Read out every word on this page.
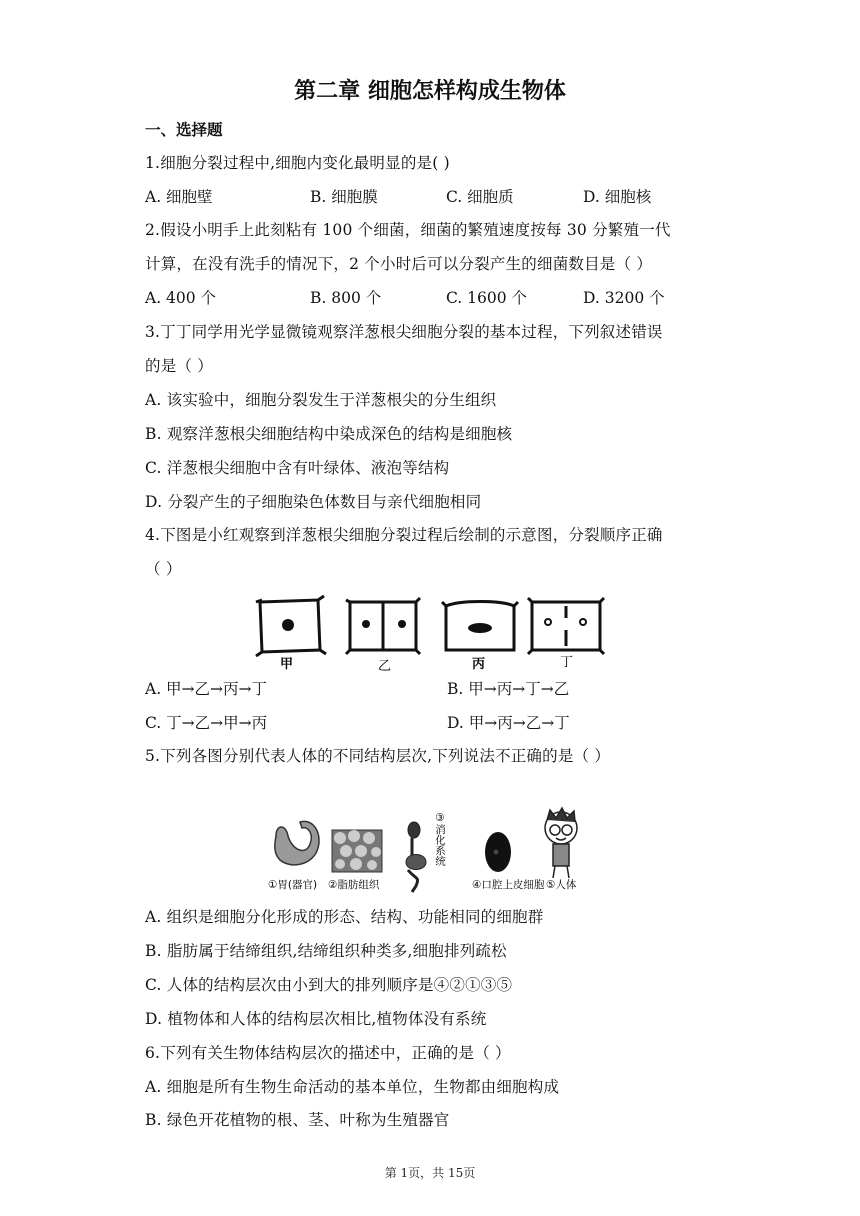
第二章 细胞怎样构成生物体
一、选择题
1.细胞分裂过程中,细胞内变化最明显的是( )
A. 细胞壁	B. 细胞膜	C. 细胞质	D. 细胞核
2.假设小明手上此刻粘有 100 个细菌，细菌的繁殖速度按每 30 分繁殖一代
计算，在没有洗手的情况下，2 个小时后可以分裂产生的细菌数目是（ ）
A. 400 个	B. 800 个	C. 1600 个	D. 3200 个
3.丁丁同学用光学显微镜观察洋葱根尖细胞分裂的基本过程，下列叙述错误
的是（ ）
A. 该实验中，细胞分裂发生于洋葱根尖的分生组织
B. 观察洋葱根尖细胞结构中染成深色的结构是细胞核
C. 洋葱根尖细胞中含有叶绿体、液泡等结构
D. 分裂产生的子细胞染色体数目与亲代细胞相同
4.下图是小红观察到洋葱根尖细胞分裂过程后绘制的示意图，分裂顺序正确
（ ）
甲	乙	丙	丁
A. 甲→乙→丙→丁	B. 甲→丙→丁→乙
C. 丁→乙→甲→丙	D. 甲→丙→乙→丁
5.下列各图分别代表人体的不同结构层次,下列说法不正确的是（ ）
①胃(器官) ②脂肪组织
③消化系统
④口腔上皮细胞 ⑤人体
A. 组织是细胞分化形成的形态、结构、功能相同的细胞群
B. 脂肪属于结缔组织,结缔组织种类多,细胞排列疏松
C. 人体的结构层次由小到大的排列顺序是④②①③⑤
D. 植物体和人体的结构层次相比,植物体没有系统
6.下列有关生物体结构层次的描述中，正确的是（ ）
A. 细胞是所有生物生命活动的基本单位，生物都由细胞构成
B. 绿色开花植物的根、茎、叶称为生殖器官
第 1页，共 15页
